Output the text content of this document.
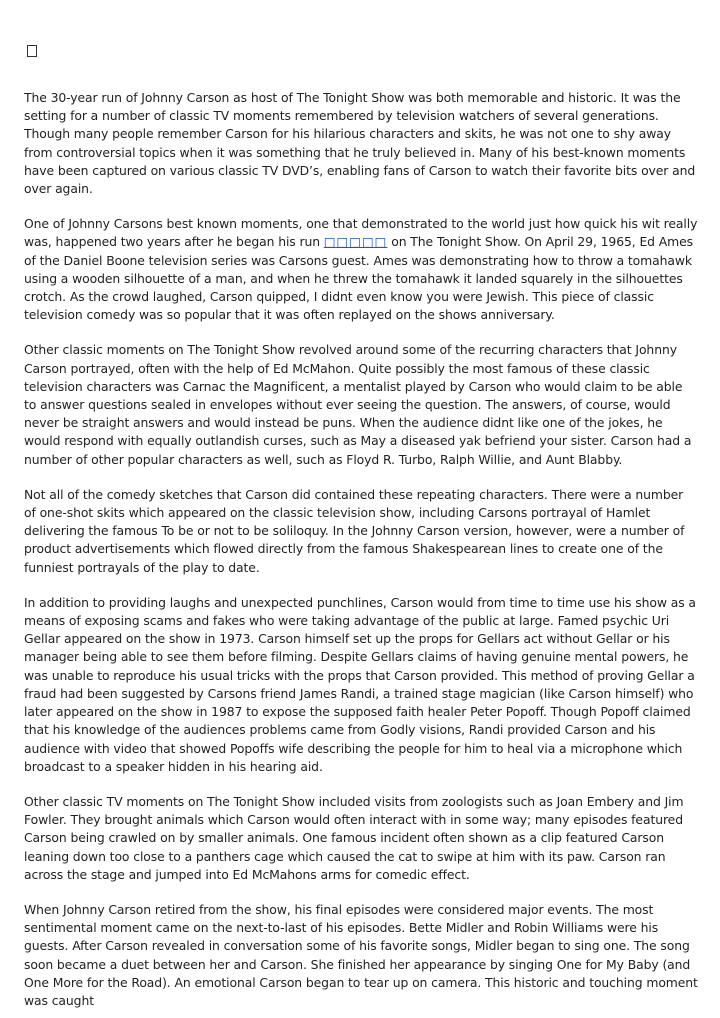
The 30-year run of Johnny Carson as host of The Tonight Show was both memorable and historic. It was the setting for a number of classic TV moments remembered by television watchers of several generations. Though many people remember Carson for his hilarious characters and skits, he was not one to shy away from controversial topics when it was something that he truly believed in. Many of his best-known moments have been captured on various classic TV DVD’s, enabling fans of Carson to watch their favorite bits over and over again.

One of Johnny Carsons best known moments, one that demonstrated to the world just how quick his wit really was, happened two years after he began his run □□□□□ on The Tonight Show. On April 29, 1965, Ed Ames of the Daniel Boone television series was Carsons guest. Ames was demonstrating how to throw a tomahawk using a wooden silhouette of a man, and when he threw the tomahawk it landed squarely in the silhouettes crotch. As the crowd laughed, Carson quipped, I didnt even know you were Jewish. This piece of classic television comedy was so popular that it was often replayed on the shows anniversary.

Other classic moments on The Tonight Show revolved around some of the recurring characters that Johnny Carson portrayed, often with the help of Ed McMahon. Quite possibly the most famous of these classic television characters was Carnac the Magnificent, a mentalist played by Carson who would claim to be able to answer questions sealed in envelopes without ever seeing the question. The answers, of course, would never be straight answers and would instead be puns. When the audience didnt like one of the jokes, he would respond with equally outlandish curses, such as May a diseased yak befriend your sister. Carson had a number of other popular characters as well, such as Floyd R. Turbo, Ralph Willie, and Aunt Blabby.

Not all of the comedy sketches that Carson did contained these repeating characters. There were a number of one-shot skits which appeared on the classic television show, including Carsons portrayal of Hamlet delivering the famous To be or not to be soliloquy. In the Johnny Carson version, however, were a number of product advertisements which flowed directly from the famous Shakespearean lines to create one of the funniest portrayals of the play to date.

In addition to providing laughs and unexpected punchlines, Carson would from time to time use his show as a means of exposing scams and fakes who were taking advantage of the public at large. Famed psychic Uri Gellar appeared on the show in 1973. Carson himself set up the props for Gellars act without Gellar or his manager being able to see them before filming. Despite Gellars claims of having genuine mental powers, he was unable to reproduce his usual tricks with the props that Carson provided. This method of proving Gellar a fraud had been suggested by Carsons friend James Randi, a trained stage magician (like Carson himself) who later appeared on the show in 1987 to expose the supposed faith healer Peter Popoff. Though Popoff claimed that his knowledge of the audiences problems came from Godly visions, Randi provided Carson and his audience with video that showed Popoffs wife describing the people for him to heal via a microphone which broadcast to a speaker hidden in his hearing aid.

Other classic TV moments on The Tonight Show included visits from zoologists such as Joan Embery and Jim Fowler. They brought animals which Carson would often interact with in some way; many episodes featured Carson being crawled on by smaller animals. One famous incident often shown as a clip featured Carson leaning down too close to a panthers cage which caused the cat to swipe at him with its paw. Carson ran across the stage and jumped into Ed McMahons arms for comedic effect.

When Johnny Carson retired from the show, his final episodes were considered major events. The most sentimental moment came on the next-to-last of his episodes. Bette Midler and Robin Williams were his guests. After Carson revealed in conversation some of his favorite songs, Midler began to sing one. The song soon became a duet between her and Carson. She finished her appearance by singing One for My Baby (and One More for the Road). An emotional Carson began to tear up on camera. This historic and touching moment was caught
